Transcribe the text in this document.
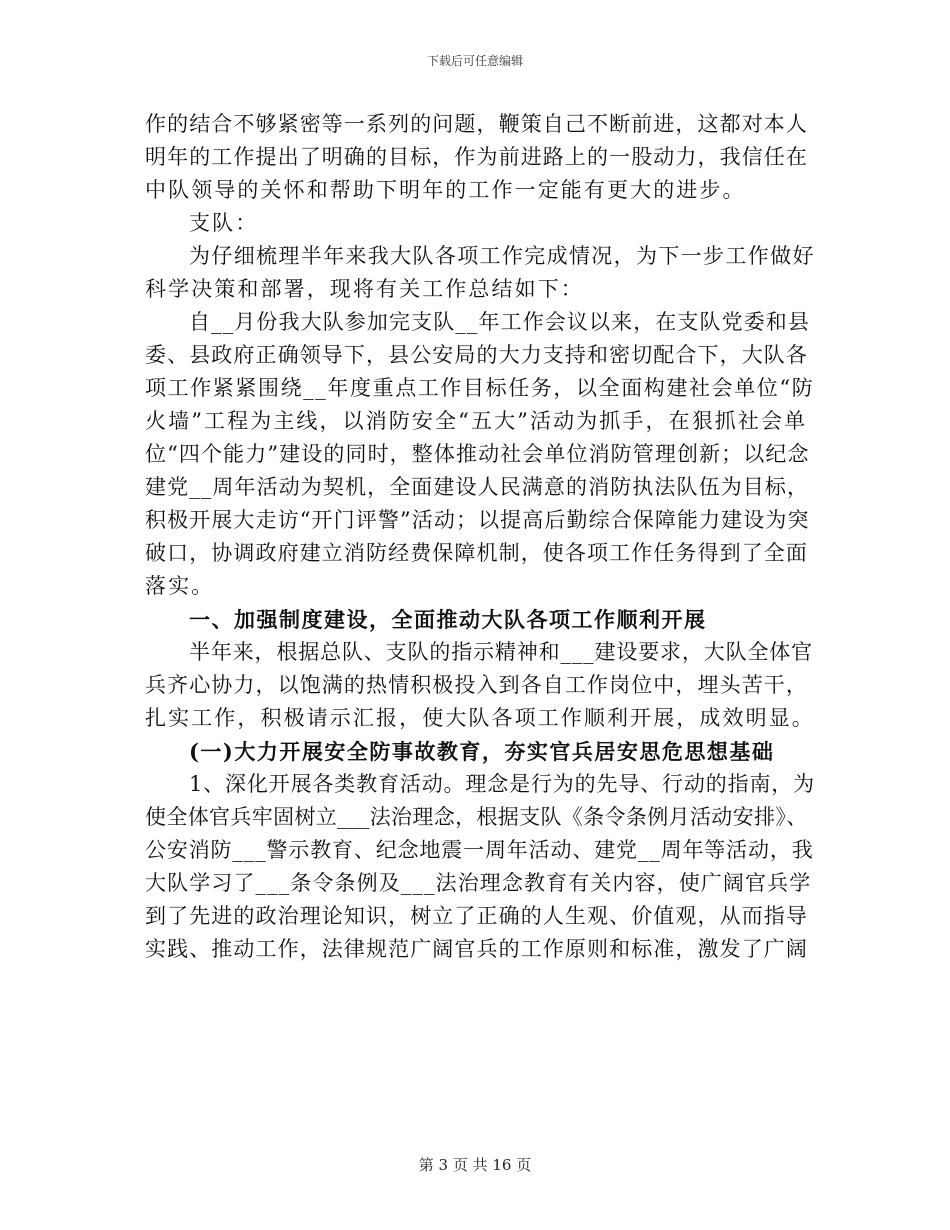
下载后可任意编辑
作的结合不够紧密等一系列的问题，鞭策自己不断前进，这都对本人
明年的工作提出了明确的目标，作为前进路上的一股动力，我信任在
中队领导的关怀和帮助下明年的工作一定能有更大的进步。
支队：
为仔细梳理半年来我大队各项工作完成情况，为下一步工作做好
科学决策和部署，现将有关工作总结如下：
自__月份我大队参加完支队__年工作会议以来，在支队党委和县
委、县政府正确领导下，县公安局的大力支持和密切配合下，大队各
项工作紧紧围绕__年度重点工作目标任务，以全面构建社会单位“防
火墙”工程为主线，以消防安全“五大”活动为抓手，在狠抓社会单
位“四个能力”建设的同时，整体推动社会单位消防管理创新；以纪念
建党__周年活动为契机，全面建设人民满意的消防执法队伍为目标，
积极开展大走访“开门评警”活动；以提高后勤综合保障能力建设为突
破口，协调政府建立消防经费保障机制，使各项工作任务得到了全面
落实。
一、加强制度建设，全面推动大队各项工作顺利开展
半年来，根据总队、支队的指示精神和___建设要求，大队全体官
兵齐心协力，以饱满的热情积极投入到各自工作岗位中，埋头苦干，
扎实工作，积极请示汇报，使大队各项工作顺利开展，成效明显。
(一)大力开展安全防事故教育，夯实官兵居安思危思想基础
1、深化开展各类教育活动。理念是行为的先导、行动的指南，为
使全体官兵牢固树立___法治理念，根据支队《条令条例月活动安排》、
公安消防___警示教育、纪念地震一周年活动、建党__周年等活动，我
大队学习了___条令条例及___法治理念教育有关内容，使广阔官兵学
到了先进的政治理论知识，树立了正确的人生观、价值观，从而指导
实践、推动工作，法律规范广阔官兵的工作原则和标准，激发了广阔
第 3 页 共 16 页
